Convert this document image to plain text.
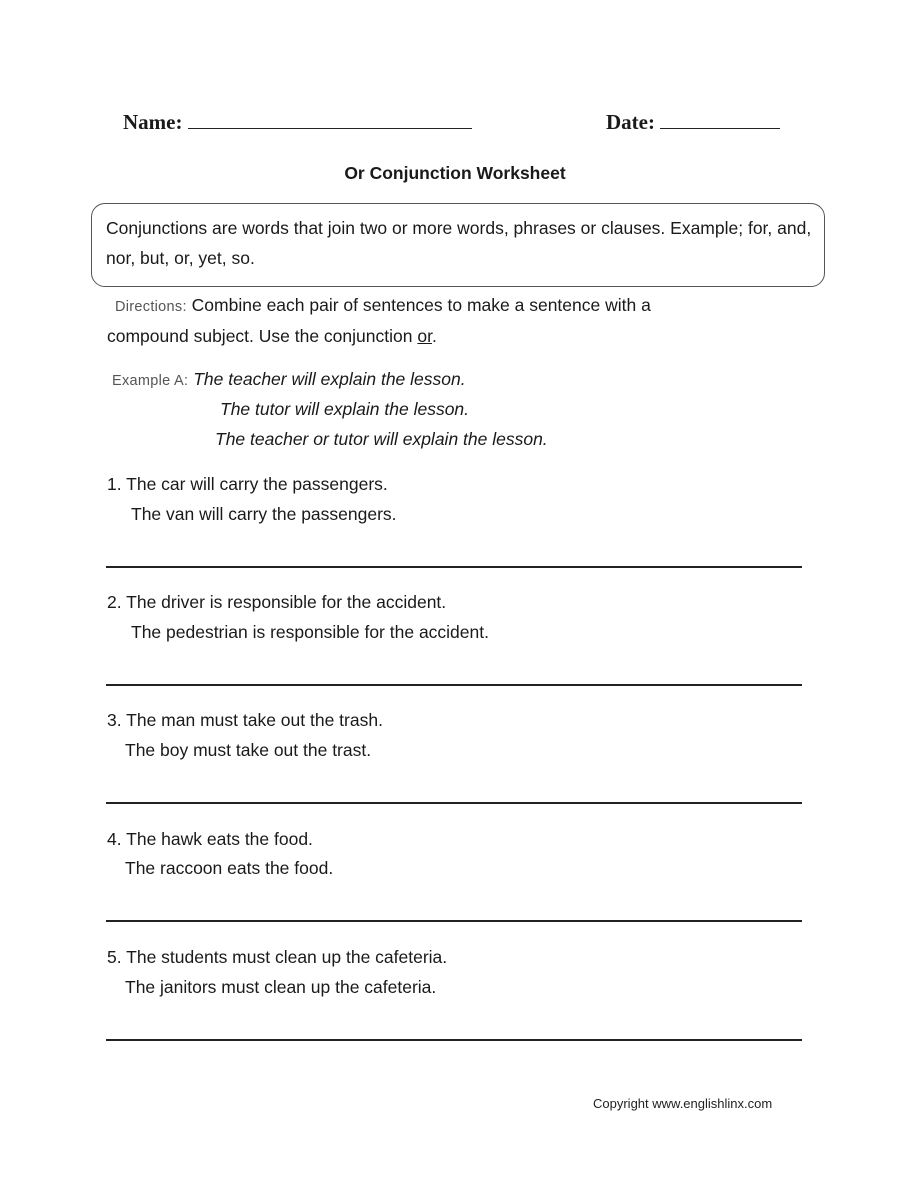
Name:	Date:
Or Conjunction Worksheet
Conjunctions are words that join two or more words, phrases or clauses. Example; for, and, nor, but, or, yet, so.
Directions: Combine each pair of sentences to make a sentence with a
compound subject. Use the conjunction or.
Example A: The teacher will explain the lesson.
The tutor will explain the lesson.
The teacher or tutor will explain the lesson.
1. The car will carry the passengers.
The van will carry the passengers.
2. The driver is responsible for the accident.
The pedestrian is responsible for the accident.
3. The man must take out the trash.
The boy must take out the trast.
4. The hawk eats the food.
The raccoon eats the food.
5. The students must clean up the cafeteria.
The janitors must clean up the cafeteria.
Copyright www.englishlinx.com
